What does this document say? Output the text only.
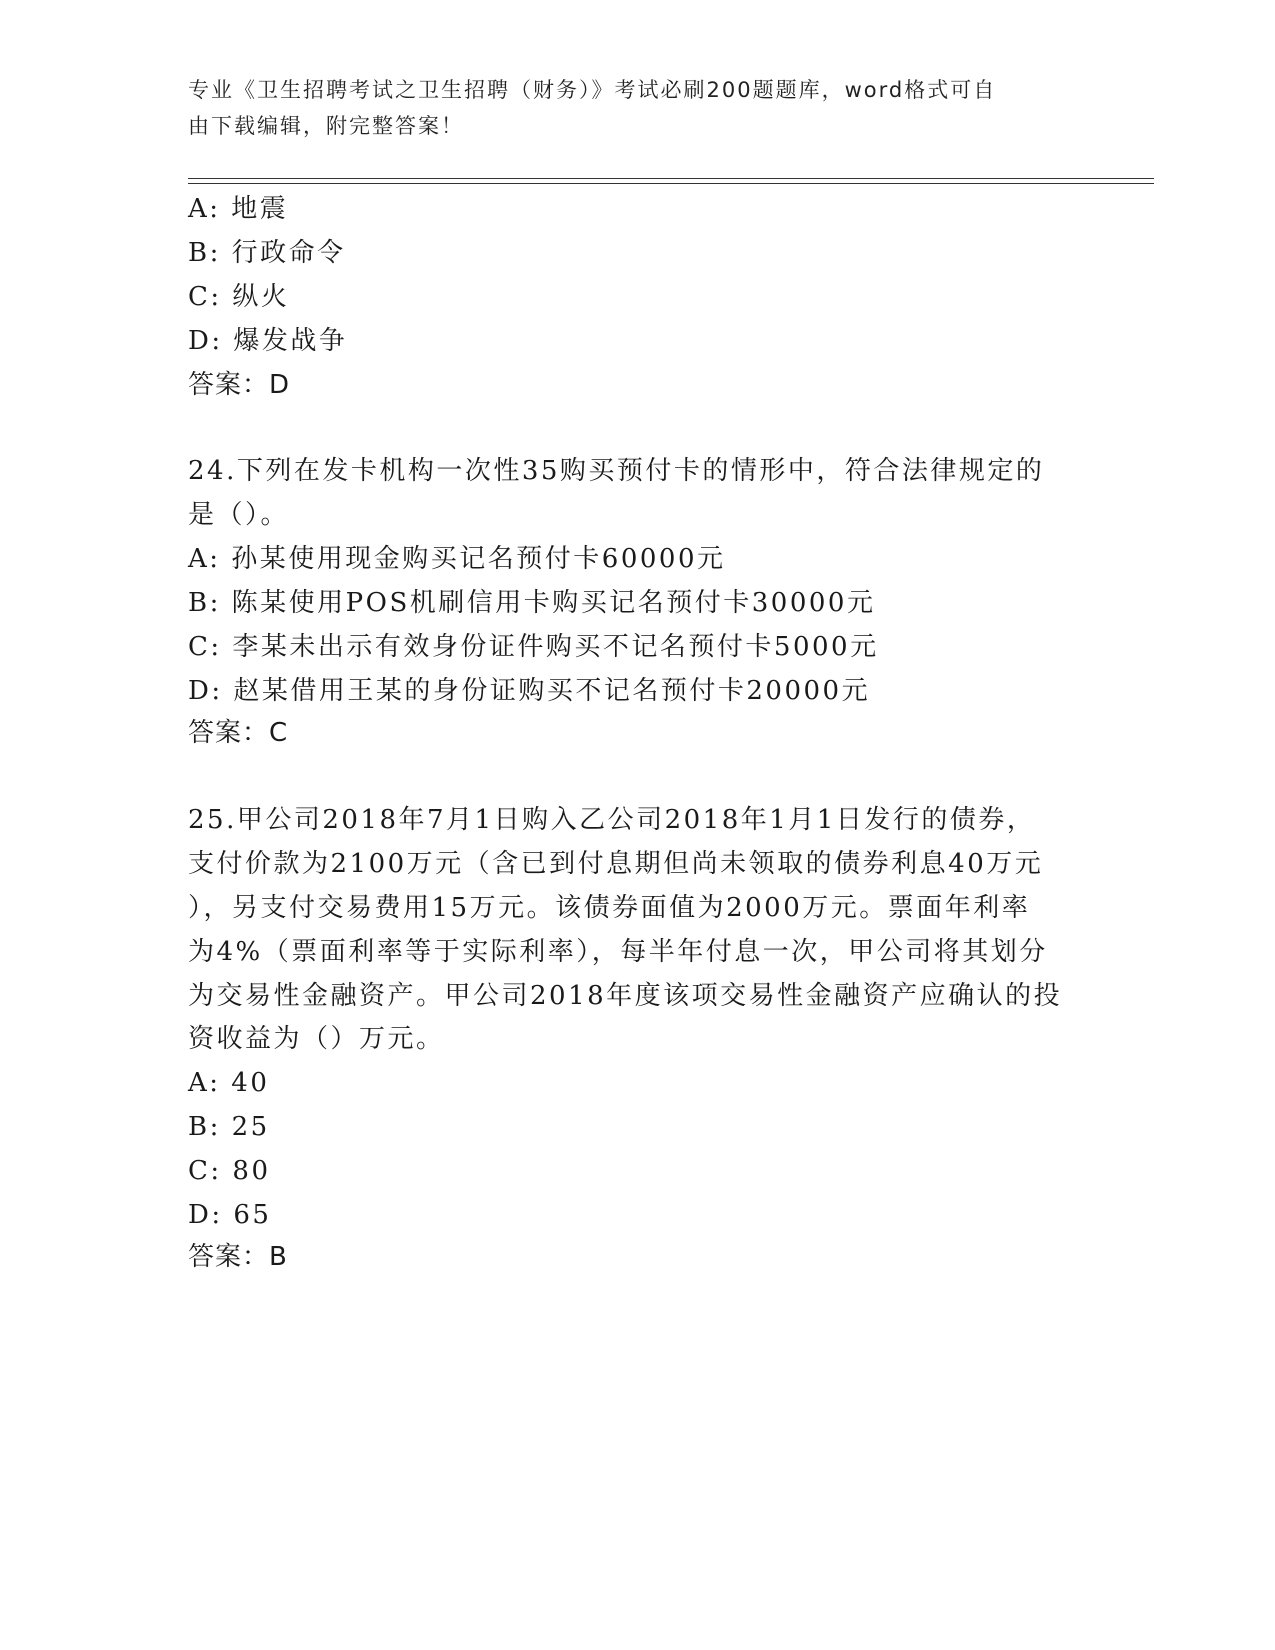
专业《卫生招聘考试之卫生招聘（财务）》考试必刷200题题库，word格式可自
由下载编辑，附完整答案！
A: 地震
B: 行政命令
C: 纵火
D: 爆发战争
答案：D
24.下列在发卡机构一次性35购买预付卡的情形中，符合法律规定的
是（）。
A: 孙某使用现金购买记名预付卡60000元
B: 陈某使用POS机刷信用卡购买记名预付卡30000元
C: 李某未出示有效身份证件购买不记名预付卡5000元
D: 赵某借用王某的身份证购买不记名预付卡20000元
答案：C
25.甲公司2018年7月1日购入乙公司2018年1月1日发行的债券，
支付价款为2100万元（含已到付息期但尚未领取的债券利息40万元
），另支付交易费用15万元。该债券面值为2000万元。票面年利率
为4%（票面利率等于实际利率），每半年付息一次，甲公司将其划分
为交易性金融资产。甲公司2018年度该项交易性金融资产应确认的投
资收益为（）万元。
A: 40
B: 25
C: 80
D: 65
答案：B
